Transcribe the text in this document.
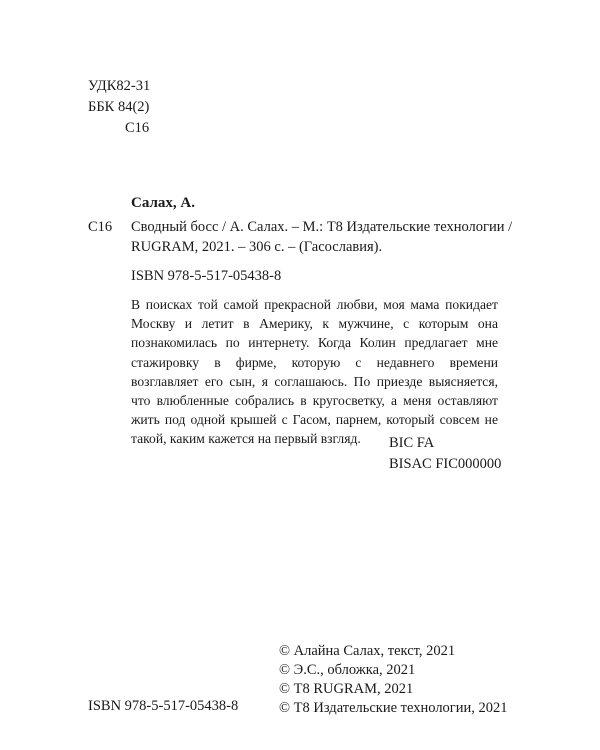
УДК82-31
ББК 84(2)
С16
Салах, А.
С16 Сводный босс / А. Салах. – М.: Т8 Издательские технологии /
RUGRAM, 2021. – 306 с. – (Гасославия).
ISBN 978-5-517-05438-8

В поисках той самой прекрасной любви, моя мама покидает Москву и летит в Америку, к мужчине, с которым она познакомилась по интернету. Когда Колин предлагает мне стажировку в фирме, которую с недавнего времени возглавляет его сын, я соглашаюсь. По приезде выясняется, что влюбленные собрались в кругосветку, а меня оставляют жить под одной крышей с Гасом, парнем, который совсем не такой, каким кажется на первый взгляд.	BIC FA
BISAC FIC000000
© Алайна Салах, текст, 2021
© Э.С., обложка, 2021
© Т8 RUGRAM, 2021
© Т8 Издательские технологии, 2021
ISBN 978-5-517-05438-8
